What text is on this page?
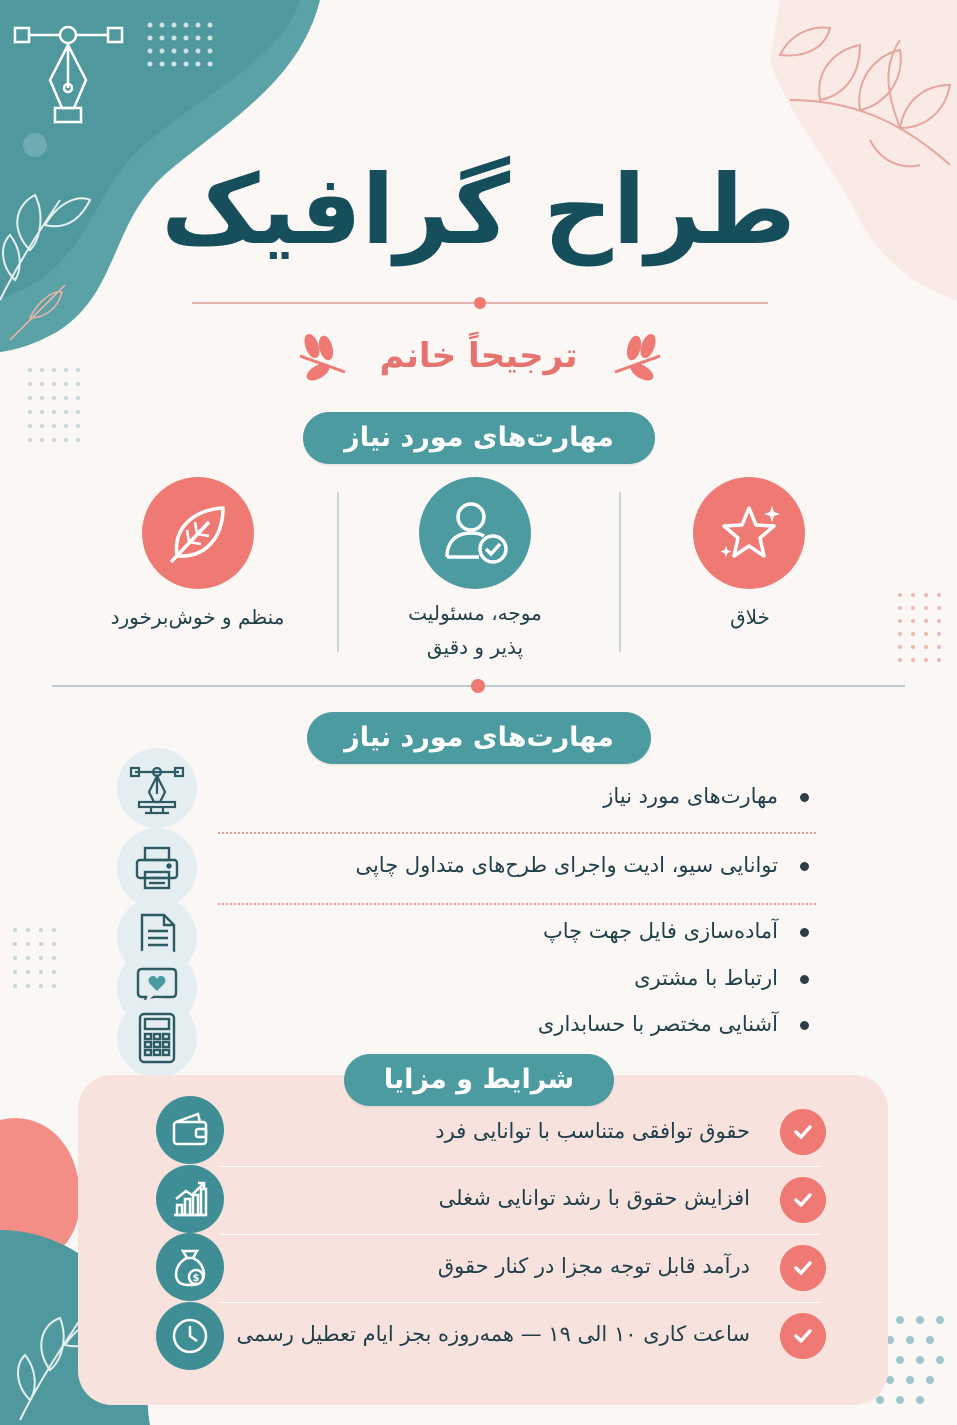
طراح گرافیک
ترجیحاً خانم
مهارت‌های مورد نیاز
خلاق
موجه، مسئولیت
پذیر و دقیق
منظم و خوش‌برخورد
مهارت‌های مورد نیاز
مهارت‌های مورد نیاز
توانایی سیو، ادیت واجرای طرح‌های متداول چاپی
آماده‌سازی فایل جهت چاپ
ارتباط با مشتری
آشنایی مختصر با حسابداری
شرایط و مزایا
حقوق توافقی متناسب با توانایی فرد
افزایش حقوق با رشد توانایی شغلی
$
درآمد قابل توجه مجزا در کنار حقوق
ساعت کاری ۱۰ الی ۱۹ — همه‌روزه بجز ایام تعطیل رسمی
